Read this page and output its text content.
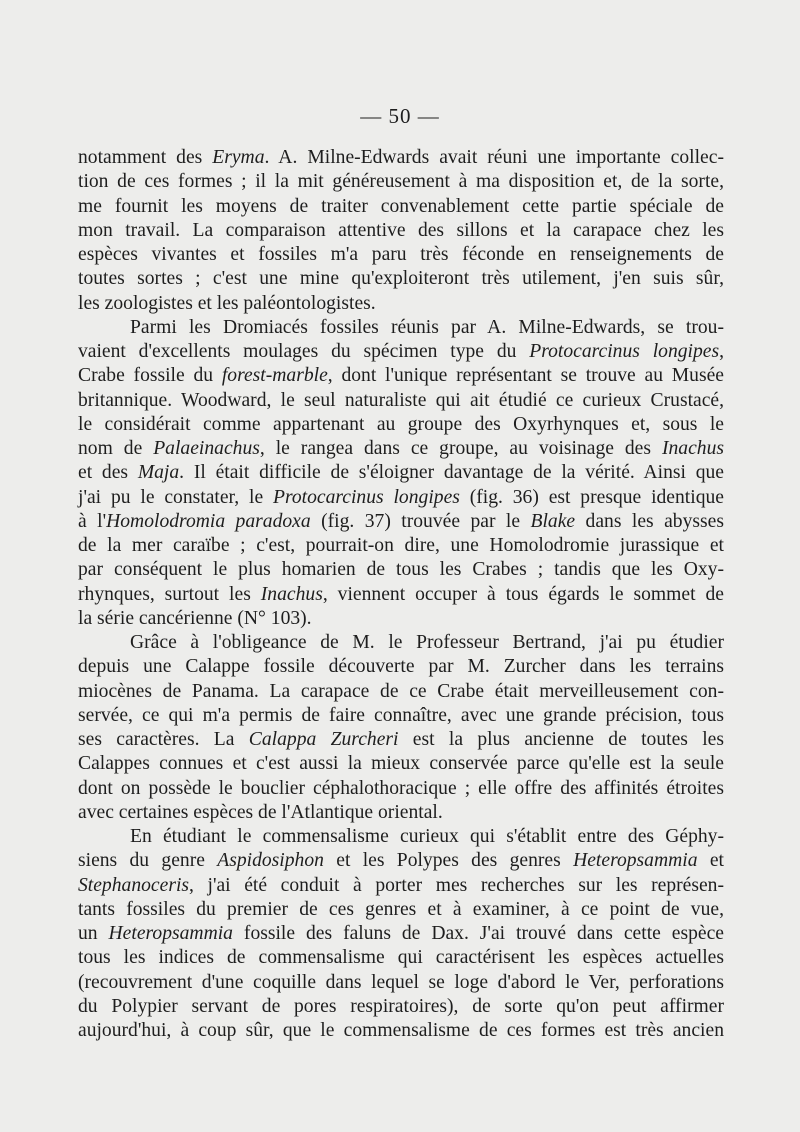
— 50 —
notamment des Eryma. A. Milne-Edwards avait réuni une importante collec-
tion de ces formes ; il la mit généreusement à ma disposition et, de la sorte,
me fournit les moyens de traiter convenablement cette partie spéciale de
mon travail. La comparaison attentive des sillons et la carapace chez les
espèces vivantes et fossiles m'a paru très féconde en renseignements de
toutes sortes ; c'est une mine qu'exploiteront très utilement, j'en suis sûr,
les zoologistes et les paléontologistes.
Parmi les Dromiacés fossiles réunis par A. Milne-Edwards, se trou-
vaient d'excellents moulages du spécimen type du Protocarcinus longipes,
Crabe fossile du forest-marble, dont l'unique représentant se trouve au Musée
britannique. Woodward, le seul naturaliste qui ait étudié ce curieux Crustacé,
le considérait comme appartenant au groupe des Oxyrhynques et, sous le
nom de Palaeinachus, le rangea dans ce groupe, au voisinage des Inachus
et des Maja. Il était difficile de s'éloigner davantage de la vérité. Ainsi que
j'ai pu le constater, le Protocarcinus longipes (fig. 36) est presque identique
à l'Homolodromia paradoxa (fig. 37) trouvée par le Blake dans les abysses
de la mer caraïbe ; c'est, pourrait-on dire, une Homolodromie jurassique et
par conséquent le plus homarien de tous les Crabes ; tandis que les Oxy-
rhynques, surtout les Inachus, viennent occuper à tous égards le sommet de
la série cancérienne (N° 103).
Grâce à l'obligeance de M. le Professeur Bertrand, j'ai pu étudier
depuis une Calappe fossile découverte par M. Zurcher dans les terrains
miocènes de Panama. La carapace de ce Crabe était merveilleusement con-
servée, ce qui m'a permis de faire connaître, avec une grande précision, tous
ses caractères. La Calappa Zurcheri est la plus ancienne de toutes les
Calappes connues et c'est aussi la mieux conservée parce qu'elle est la seule
dont on possède le bouclier céphalothoracique ; elle offre des affinités étroites
avec certaines espèces de l'Atlantique oriental.
En étudiant le commensalisme curieux qui s'établit entre des Géphy-
siens du genre Aspidosiphon et les Polypes des genres Heteropsammia et
Stephanoceris, j'ai été conduit à porter mes recherches sur les représen-
tants fossiles du premier de ces genres et à examiner, à ce point de vue,
un Heteropsammia fossile des faluns de Dax. J'ai trouvé dans cette espèce
tous les indices de commensalisme qui caractérisent les espèces actuelles
(recouvrement d'une coquille dans lequel se loge d'abord le Ver, perforations
du Polypier servant de pores respiratoires), de sorte qu'on peut affirmer
aujourd'hui, à coup sûr, que le commensalisme de ces formes est très ancien
